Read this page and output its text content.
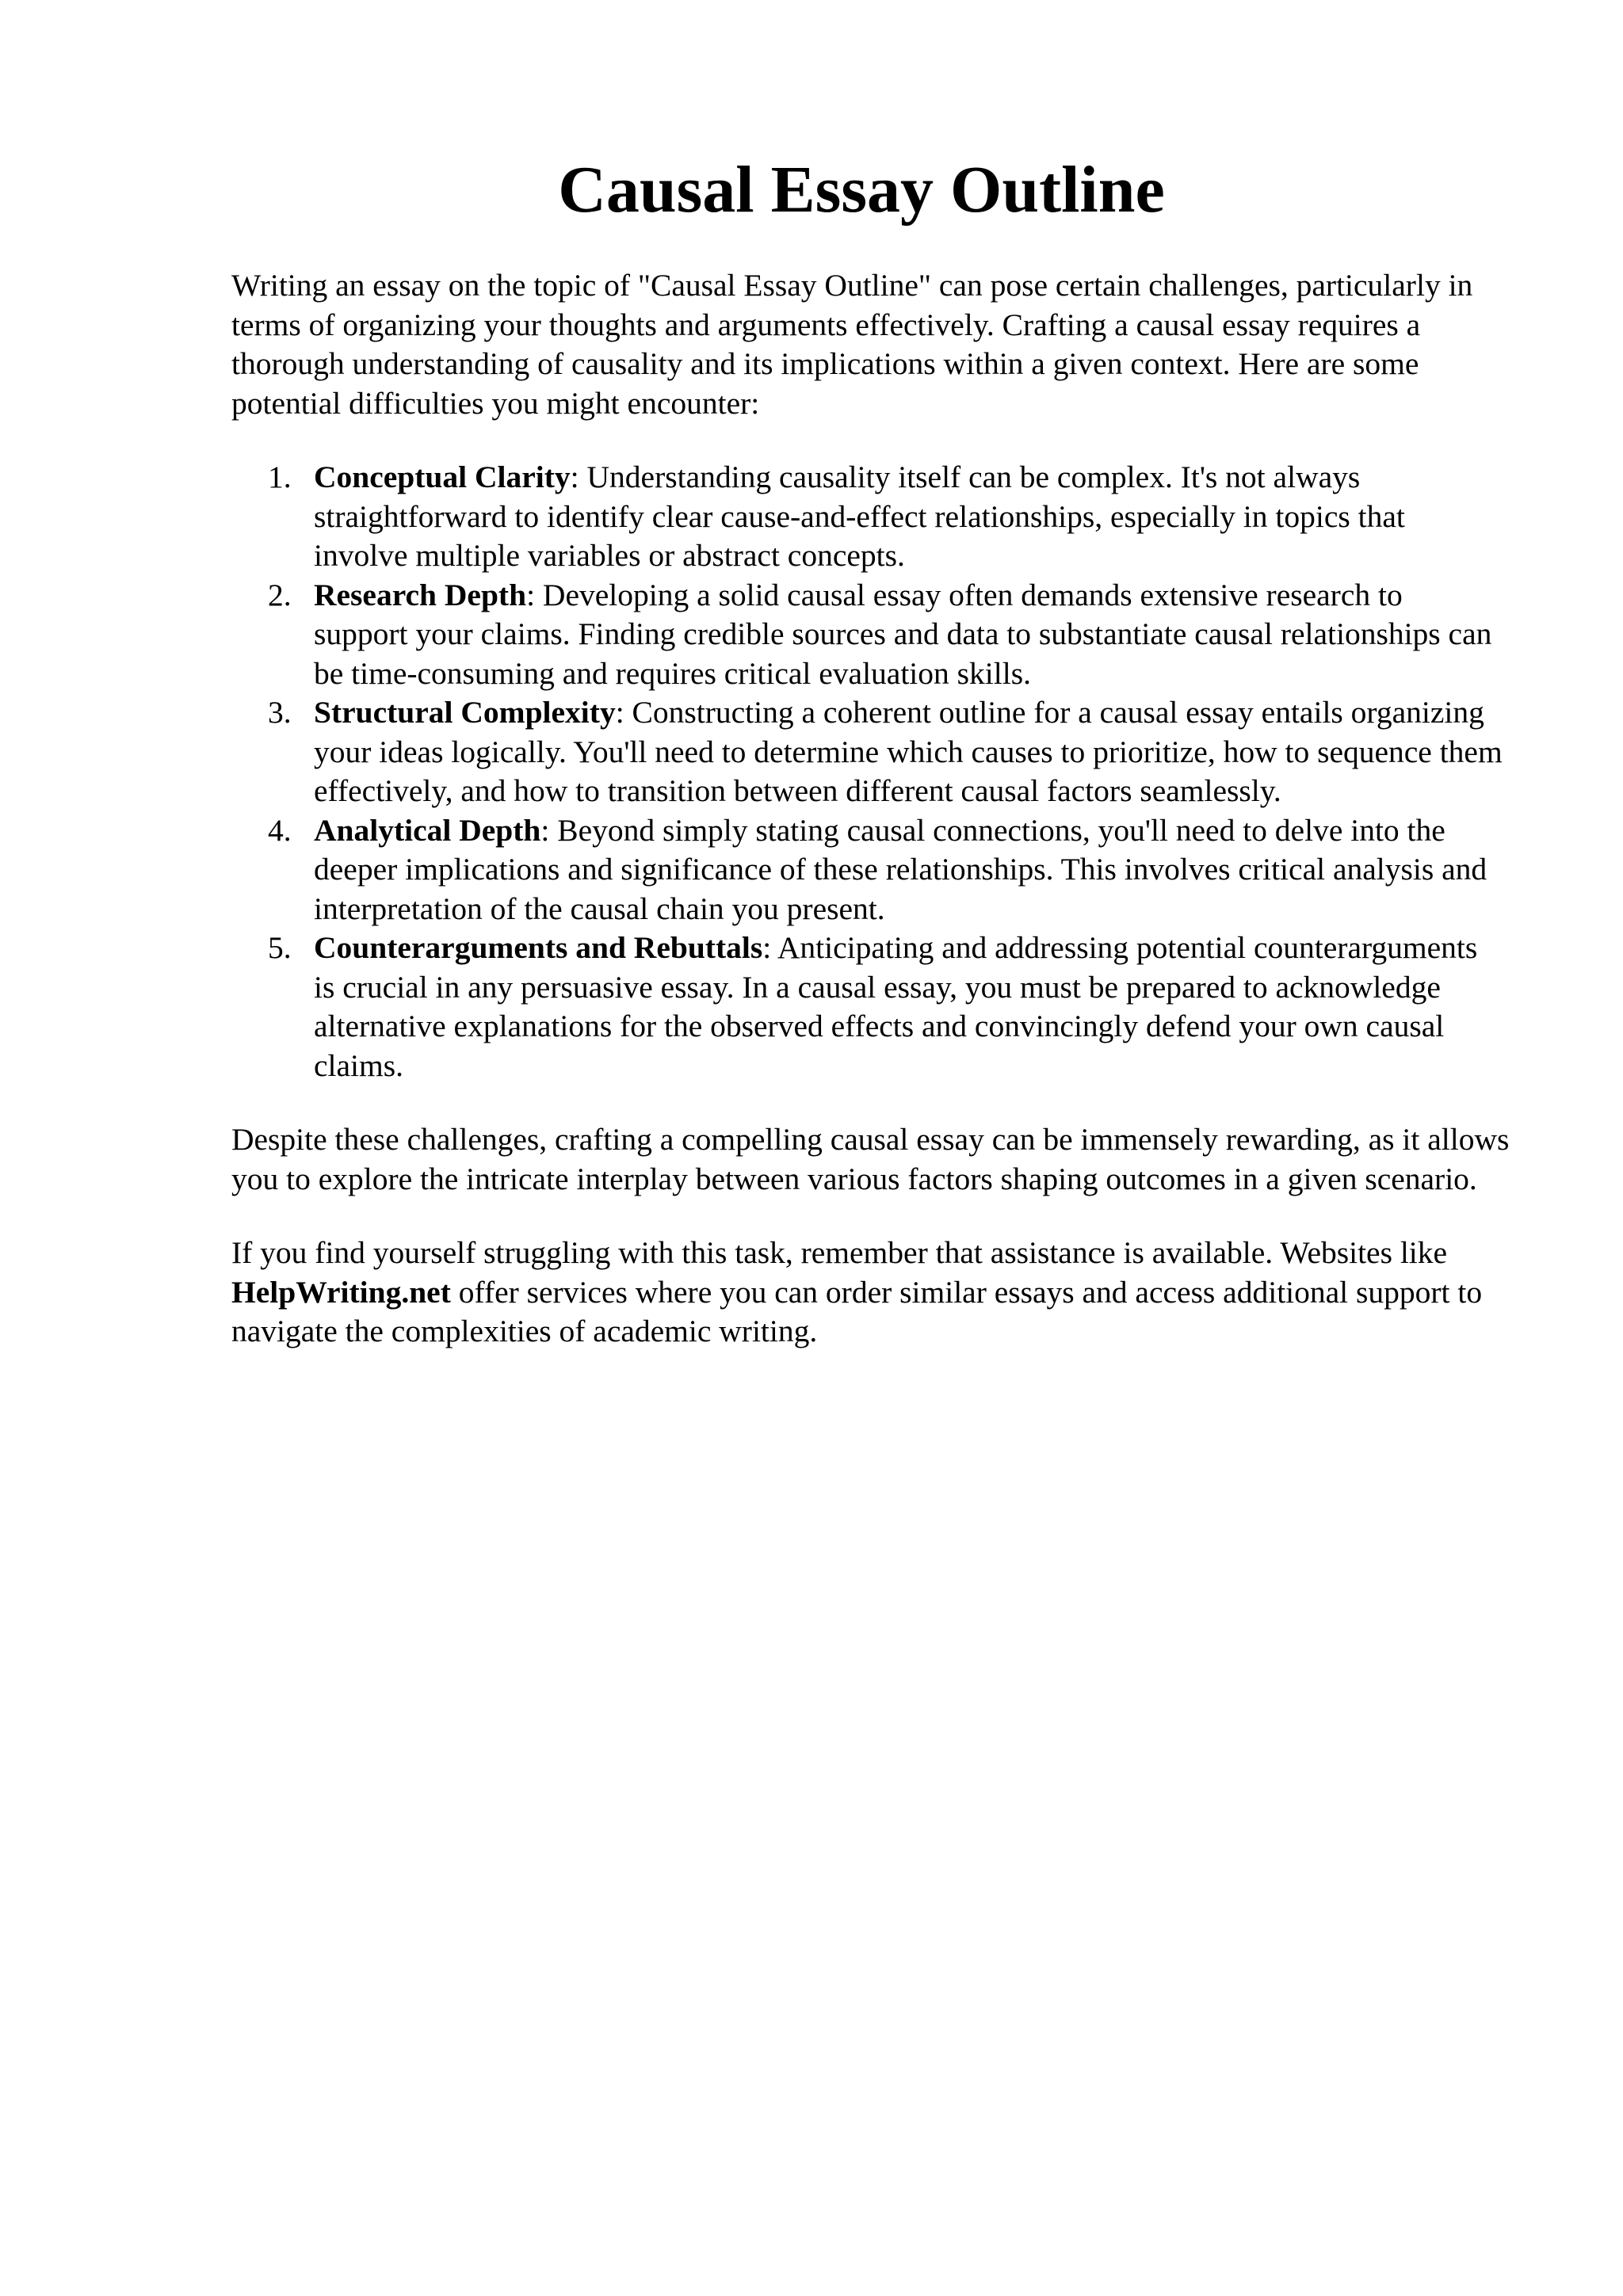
Causal Essay Outline

Writing an essay on the topic of "Causal Essay Outline" can pose certain challenges, particularly in terms of organizing your thoughts and arguments effectively. Crafting a causal essay requires a thorough understanding of causality and its implications within a given context. Here are some potential difficulties you might encounter:

1. Conceptual Clarity: Understanding causality itself can be complex. It's not always straightforward to identify clear cause-and-effect relationships, especially in topics that involve multiple variables or abstract concepts.
2. Research Depth: Developing a solid causal essay often demands extensive research to support your claims. Finding credible sources and data to substantiate causal relationships can be time-consuming and requires critical evaluation skills.
3. Structural Complexity: Constructing a coherent outline for a causal essay entails organizing your ideas logically. You'll need to determine which causes to prioritize, how to sequence them effectively, and how to transition between different causal factors seamlessly.
4. Analytical Depth: Beyond simply stating causal connections, you'll need to delve into the deeper implications and significance of these relationships. This involves critical analysis and interpretation of the causal chain you present.
5. Counterarguments and Rebuttals: Anticipating and addressing potential counterarguments is crucial in any persuasive essay. In a causal essay, you must be prepared to acknowledge alternative explanations for the observed effects and convincingly defend your own causal claims.

Despite these challenges, crafting a compelling causal essay can be immensely rewarding, as it allows you to explore the intricate interplay between various factors shaping outcomes in a given scenario.

If you find yourself struggling with this task, remember that assistance is available. Websites like HelpWriting.net offer services where you can order similar essays and access additional support to navigate the complexities of academic writing.
